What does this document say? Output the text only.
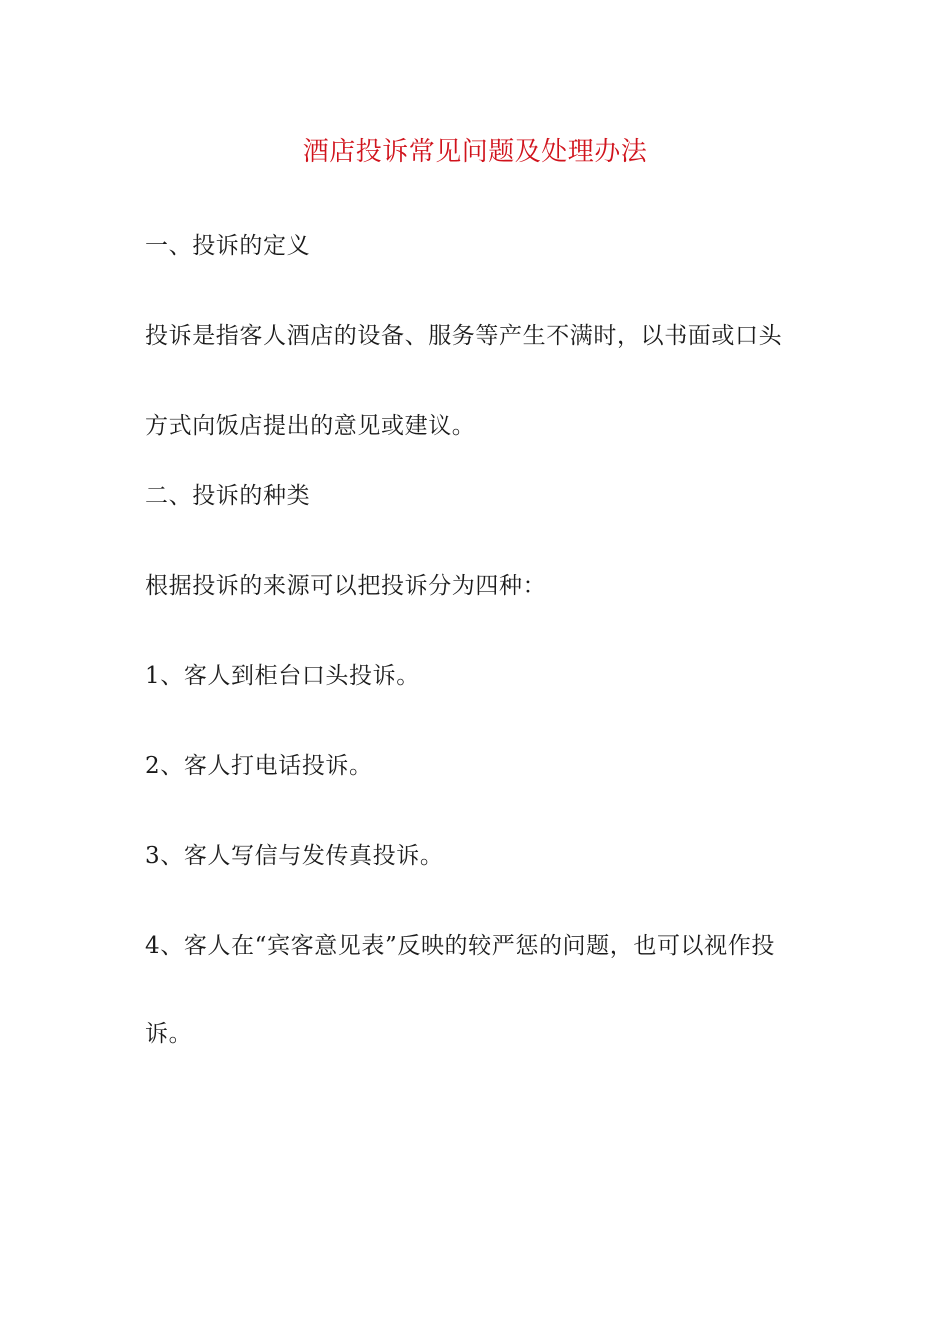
酒店投诉常见问题及处理办法
一、投诉的定义
投诉是指客人酒店的设备、服务等产生不满时，以书面或口头
方式向饭店提出的意见或建议。
二、投诉的种类
根据投诉的来源可以把投诉分为四种：
1、客人到柜台口头投诉。
2、客人打电话投诉。
3、客人写信与发传真投诉。
4、客人在“宾客意见表”反映的较严惩的问题，也可以视作投
诉。
